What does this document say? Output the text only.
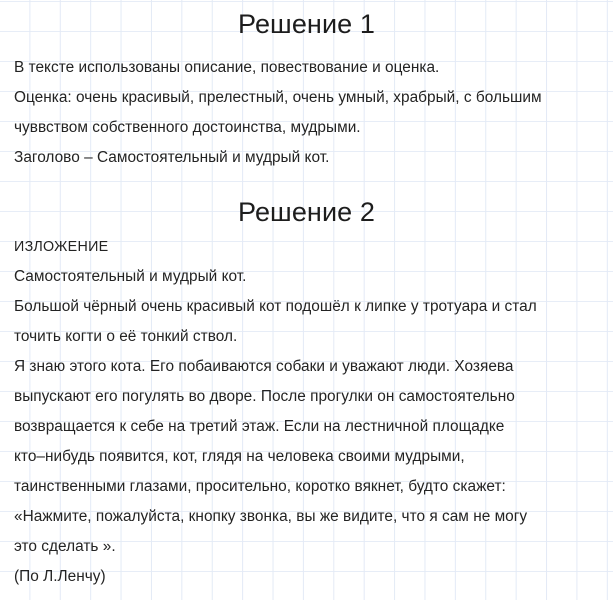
Решение 1
В тексте использованы описание, повествование и оценка.
Оценка: очень красивый, прелестный, очень умный, храбрый, с большим
чуввством собственного достоинства, мудрыми.
Заголово – Самостоятельный и мудрый кот.
Решение 2
ИЗЛОЖЕНИЕ
Самостоятельный и мудрый кот.
Большой чёрный очень красивый кот подошёл к липке у тротуара и стал
точить когти о её тонкий ствол.
Я знаю этого кота. Его побаиваются собаки и уважают люди. Хозяева
выпускают его погулять во дворе. После прогулки он самостоятельно
возвращается к себе на третий этаж. Если на лестничной площадке
кто–нибудь появится, кот, глядя на человека своими мудрыми,
таинственными глазами, просительно, коротко вякнет, будто скажет:
«Нажмите, пожалуйста, кнопку звонка, вы же видите, что я сам не могу
это сделать ».
(По Л.Ленчу)
